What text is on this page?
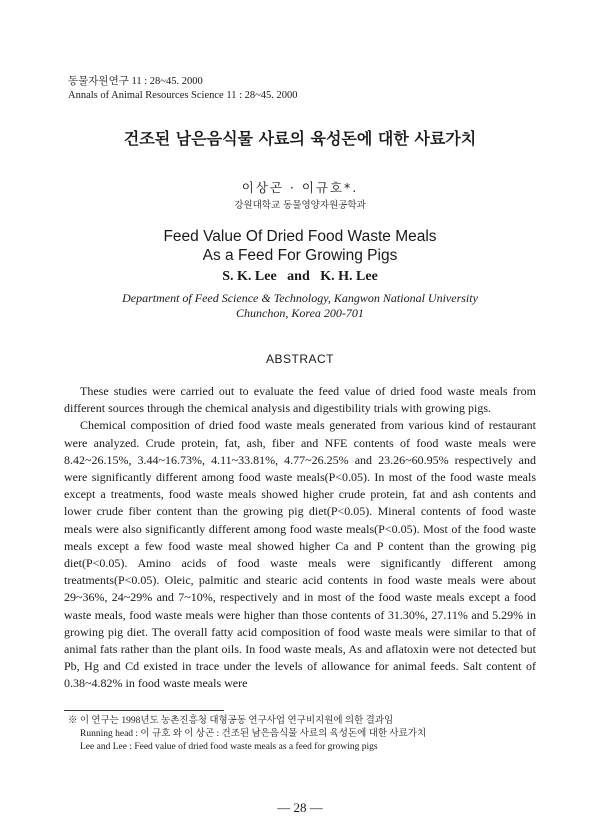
동물자원연구 11 : 28~45. 2000
Annals of Animal Resources Science 11 : 28~45. 2000
건조된 남은음식물 사료의 육성돈에 대한 사료가치
이상곤 · 이규호*.
강원대학교 동물영양자원공학과
Feed Value Of Dried Food Waste Meals
As a Feed For Growing Pigs
S. K. Lee   and   K. H. Lee
Department of Feed Science & Technology, Kangwon National University
Chunchon, Korea 200-701
ABSTRACT

These studies were carried out to evaluate the feed value of dried food waste meals from different sources through the chemical analysis and digestibility trials with growing pigs.

Chemical composition of dried food waste meals generated from various kind of restaurant were analyzed. Crude protein, fat, ash, fiber and NFE contents of food waste meals were 8.42~26.15%, 3.44~16.73%, 4.11~33.81%, 4.77~26.25% and 23.26~60.95% respectively and were significantly different among food waste meals(P<0.05). In most of the food waste meals except a treatments, food waste meals showed higher crude protein, fat and ash contents and lower crude fiber content than the growing pig diet(P<0.05). Mineral contents of food waste meals were also significantly different among food waste meals(P<0.05). Most of the food waste meals except a few food waste meal showed higher Ca and P content than the growing pig diet(P<0.05). Amino acids of food waste meals were significantly different among treatments(P<0.05). Oleic, palmitic and stearic acid contents in food waste meals were about 29~36%, 24~29% and 7~10%, respectively and in most of the food waste meals except a food waste meals, food waste meals were higher than those contents of 31.30%, 27.11% and 5.29% in growing pig diet. The overall fatty acid composition of food waste meals were similar to that of animal fats rather than the plant oils. In food waste meals, As and aflatoxin were not detected but Pb, Hg and Cd existed in trace under the levels of allowance for animal feeds. Salt content of 0.38~4.82% in food waste meals were

※ 이 연구는 1998년도 농촌진흥청 대형공동 연구사업 연구비지원에 의한 결과임
Running head : 이 규호 와 이 상곤 : 건조된 남은음식물 사료의 육성돈에 대한 사료가치
Lee and Lee : Feed value of dried food waste meals as a feed for growing pigs
— 28 —
